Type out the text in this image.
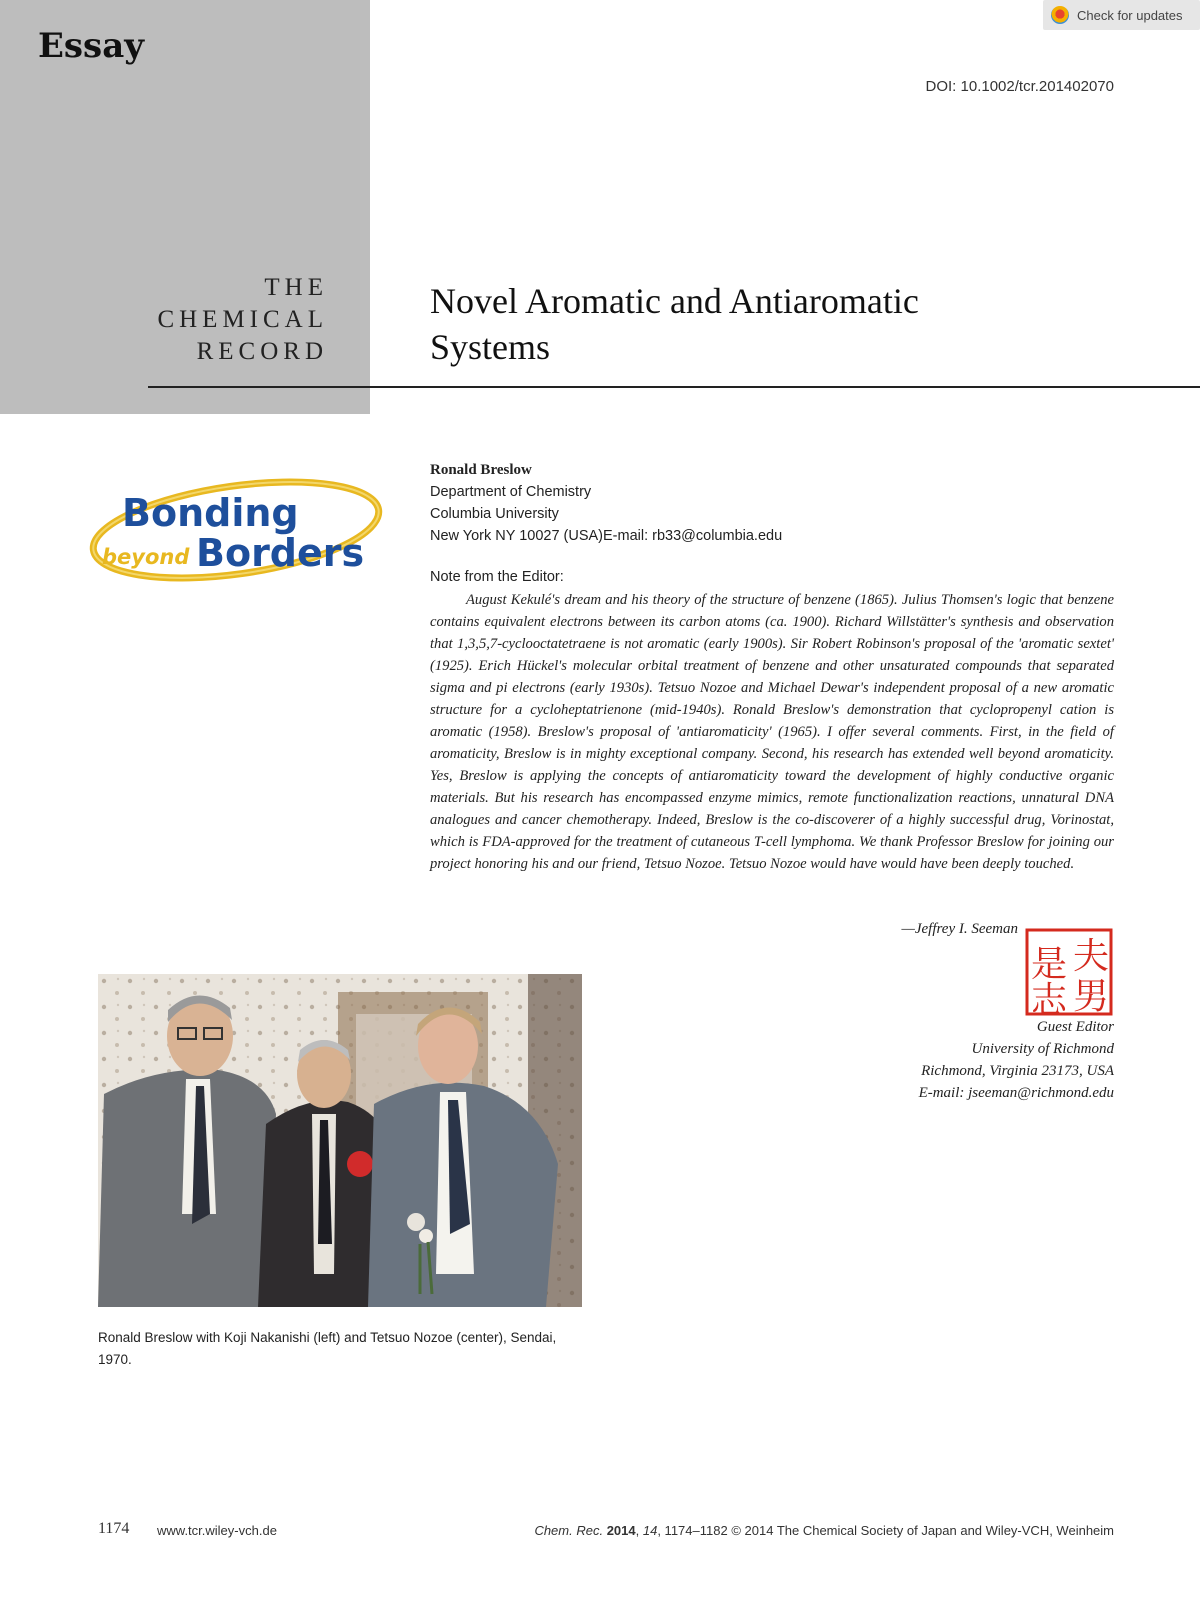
Essay
THE
CHEMICAL
RECORD
Check for updates
DOI: 10.1002/tcr.201402070
Novel Aromatic and Antiaromatic
Systems
Bonding
beyond Borders
Ronald Breslow
Department of Chemistry
Columbia University
New York NY 10027 (USA)E-mail: rb33@columbia.edu
Note from the Editor:
August Kekulé's dream and his theory of the structure of benzene (1865). Julius Thomsen's logic that benzene contains equivalent electrons between its carbon atoms (ca. 1900). Richard Willstätter's synthesis and observation that 1,3,5,7-cyclooctatetraene is not aromatic (early 1900s). Sir Robert Robinson's proposal of the 'aromatic sextet' (1925). Erich Hückel's molecular orbital treatment of benzene and other unsaturated compounds that separated sigma and pi electrons (early 1930s). Tetsuo Nozoe and Michael Dewar's independent proposal of a new aromatic structure for a cycloheptatrienone (mid-1940s). Ronald Breslow's demonstration that cyclopropenyl cation is aromatic (1958). Breslow's proposal of 'antiaromaticity' (1965). I offer several comments. First, in the field of aromaticity, Breslow is in mighty exceptional company. Second, his research has extended well beyond aromaticity. Yes, Breslow is applying the concepts of antiaromaticity toward the development of highly conductive organic materials. But his research has encompassed enzyme mimics, remote functionalization reactions, unnatural DNA analogues and cancer chemotherapy. Indeed, Breslow is the co-discoverer of a highly successful drug, Vorinostat, which is FDA-approved for the treatment of cutaneous T-cell lymphoma. We thank Professor Breslow for joining our project honoring his and our friend, Tetsuo Nozoe. Tetsuo Nozoe would have would have been deeply touched.
—Jeffrey I. Seeman
夫
是
男
志
Guest Editor
University of Richmond
Richmond, Virginia 23173, USA
E-mail: jseeman@richmond.edu
Ronald Breslow with Koji Nakanishi (left) and Tetsuo Nozoe (center), Sendai, 1970.
1174 www.tcr.wiley-vch.de	Chem. Rec. 2014, 14, 1174–1182 © 2014 The Chemical Society of Japan and Wiley-VCH, Weinheim
